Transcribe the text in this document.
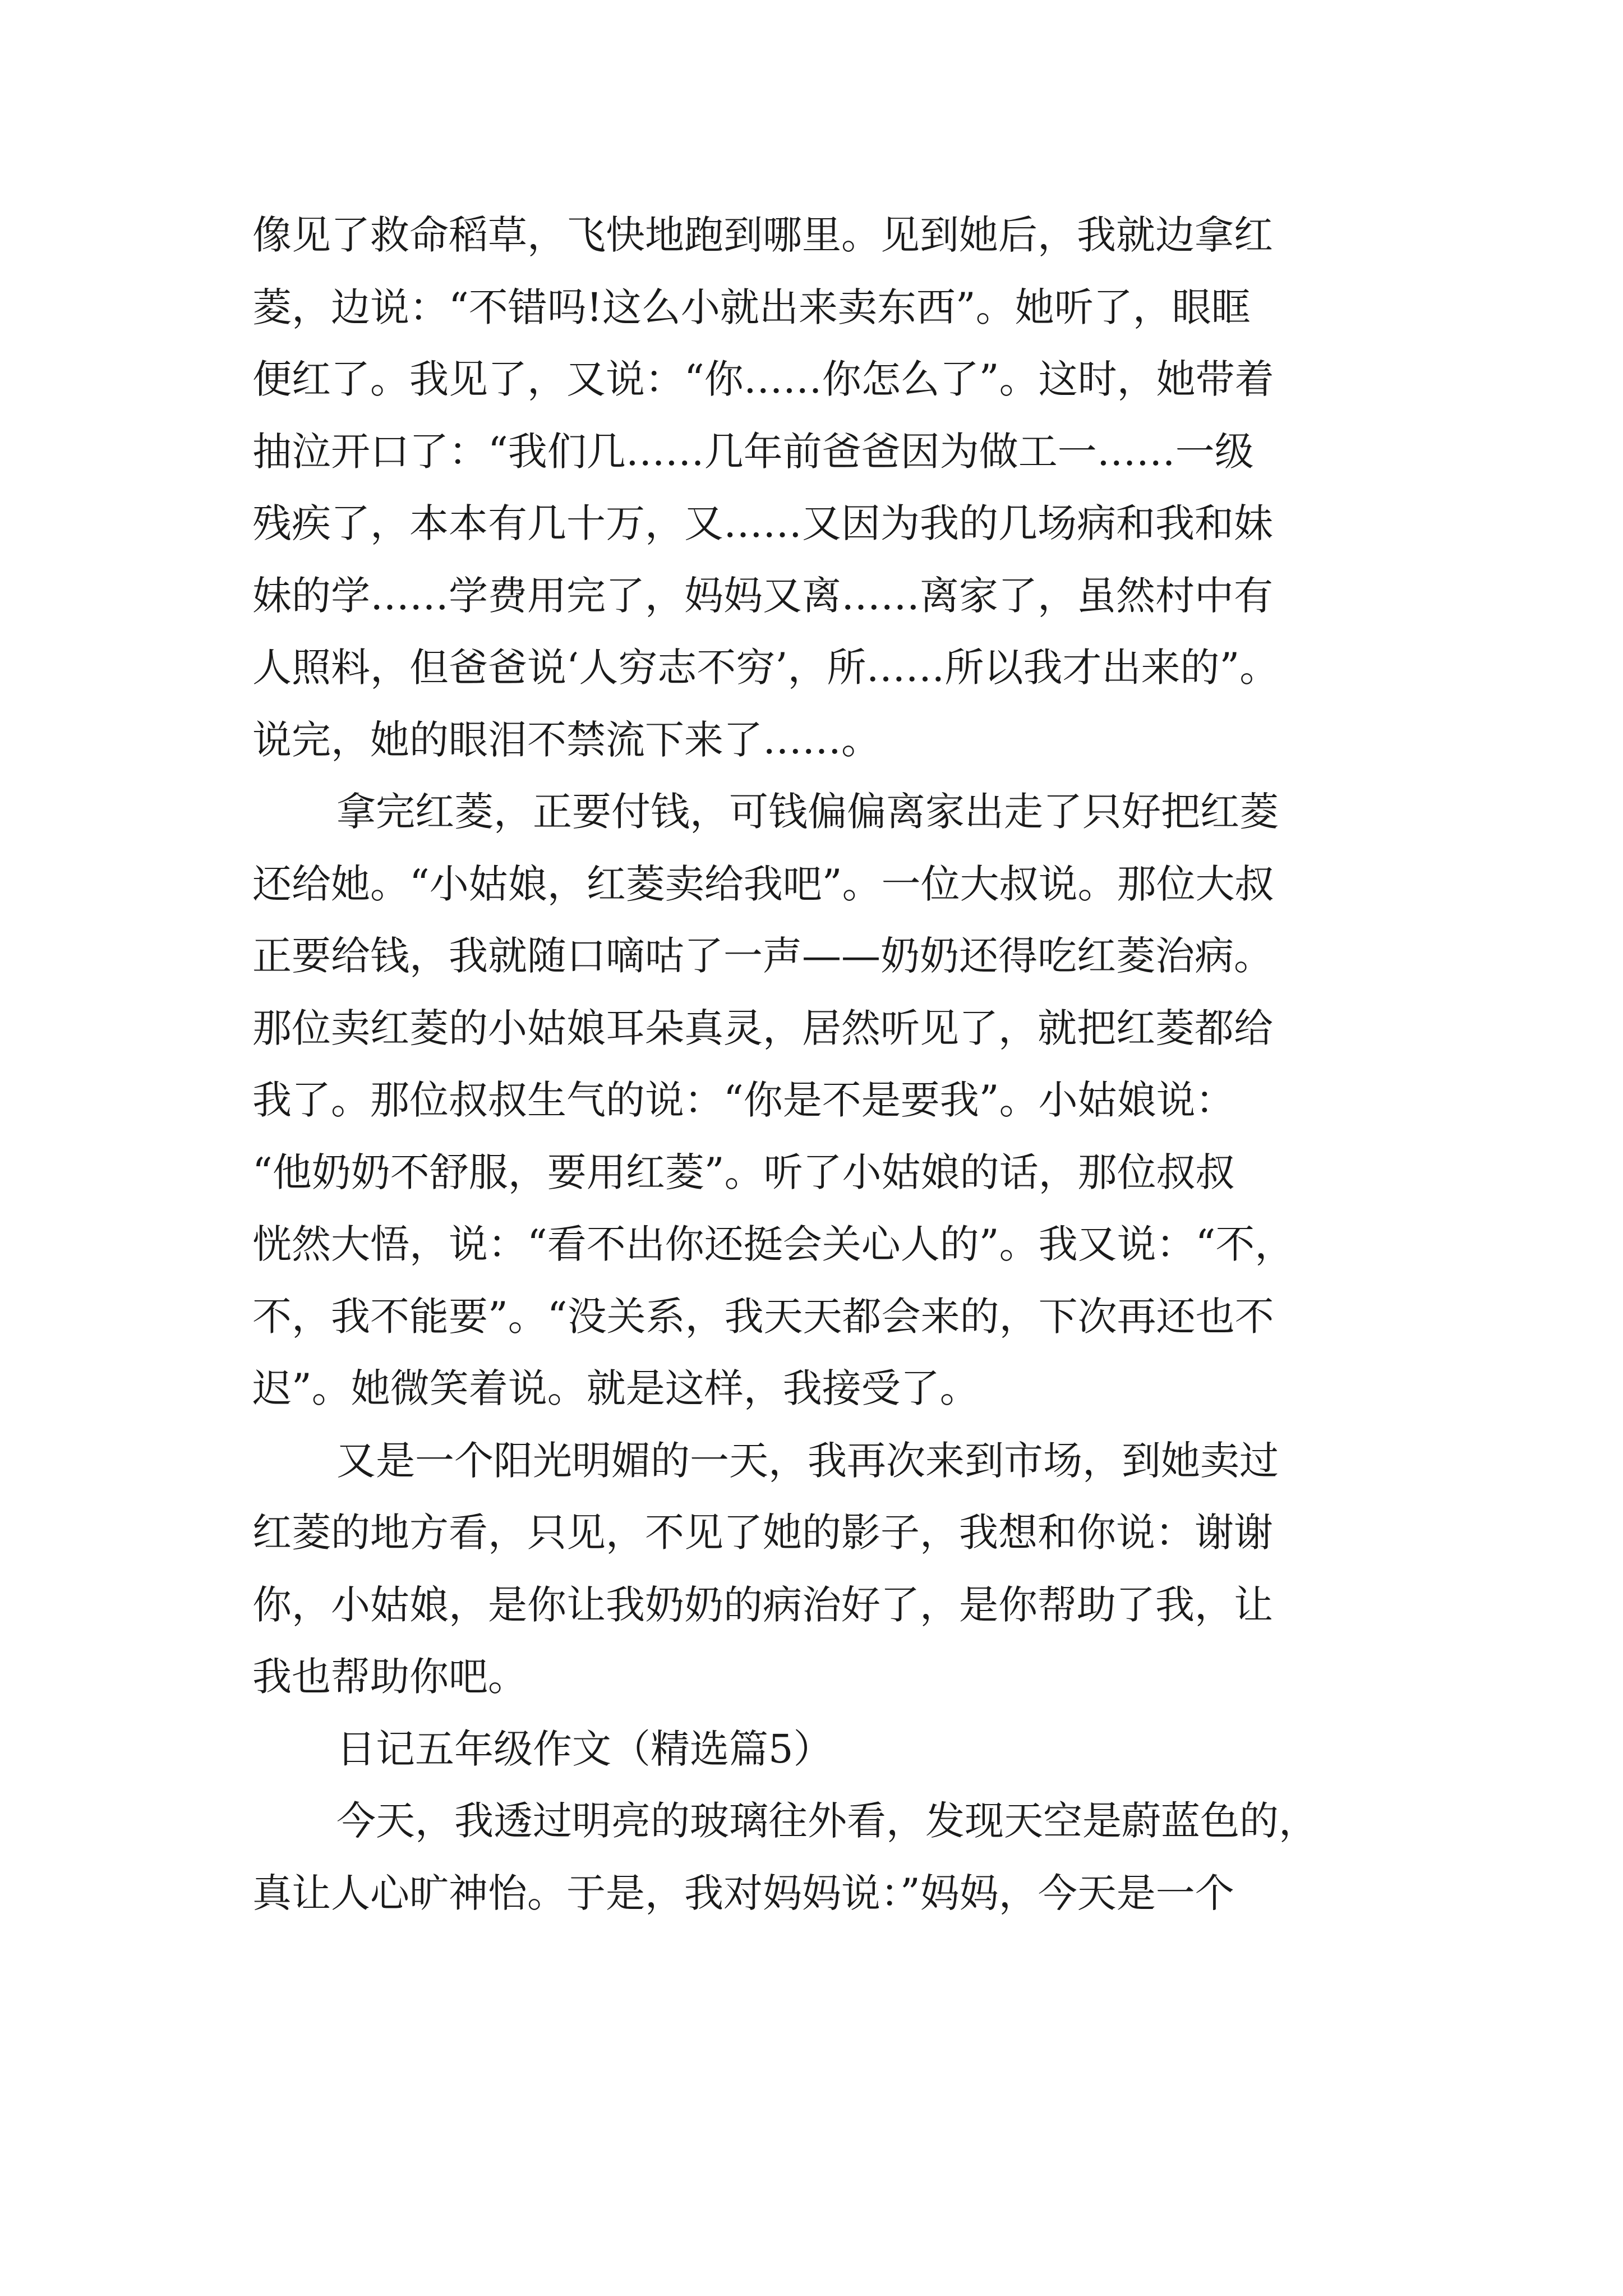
像见了救命稻草，飞快地跑到哪里。见到她后，我就边拿红
菱，边说：“不错吗!这么小就出来卖东西”。她听了，眼眶
便红了。我见了，又说：“你……你怎么了”。这时，她带着
抽泣开口了：“我们几……几年前爸爸因为做工一……一级
残疾了，本本有几十万，又……又因为我的几场病和我和妹
妹的学……学费用完了，妈妈又离……离家了，虽然村中有
人照料，但爸爸说‘人穷志不穷’，所……所以我才出来的”。
说完，她的眼泪不禁流下来了……。
拿完红菱，正要付钱，可钱偏偏离家出走了只好把红菱
还给她。“小姑娘，红菱卖给我吧”。一位大叔说。那位大叔
正要给钱，我就随口嘀咕了一声——奶奶还得吃红菱治病。
那位卖红菱的小姑娘耳朵真灵，居然听见了，就把红菱都给
我了。那位叔叔生气的说：“你是不是要我”。小姑娘说：
“他奶奶不舒服，要用红菱”。听了小姑娘的话，那位叔叔
恍然大悟，说：“看不出你还挺会关心人的”。我又说：“不，
不，我不能要”。“没关系，我天天都会来的，下次再还也不
迟”。她微笑着说。就是这样，我接受了。
又是一个阳光明媚的一天，我再次来到市场，到她卖过
红菱的地方看，只见，不见了她的影子，我想和你说：谢谢
你，小姑娘，是你让我奶奶的病治好了，是你帮助了我，让
我也帮助你吧。
日记五年级作文（精选篇5）
今天，我透过明亮的玻璃往外看，发现天空是蔚蓝色的，
真让人心旷神怡。于是，我对妈妈说：”妈妈，今天是一个
